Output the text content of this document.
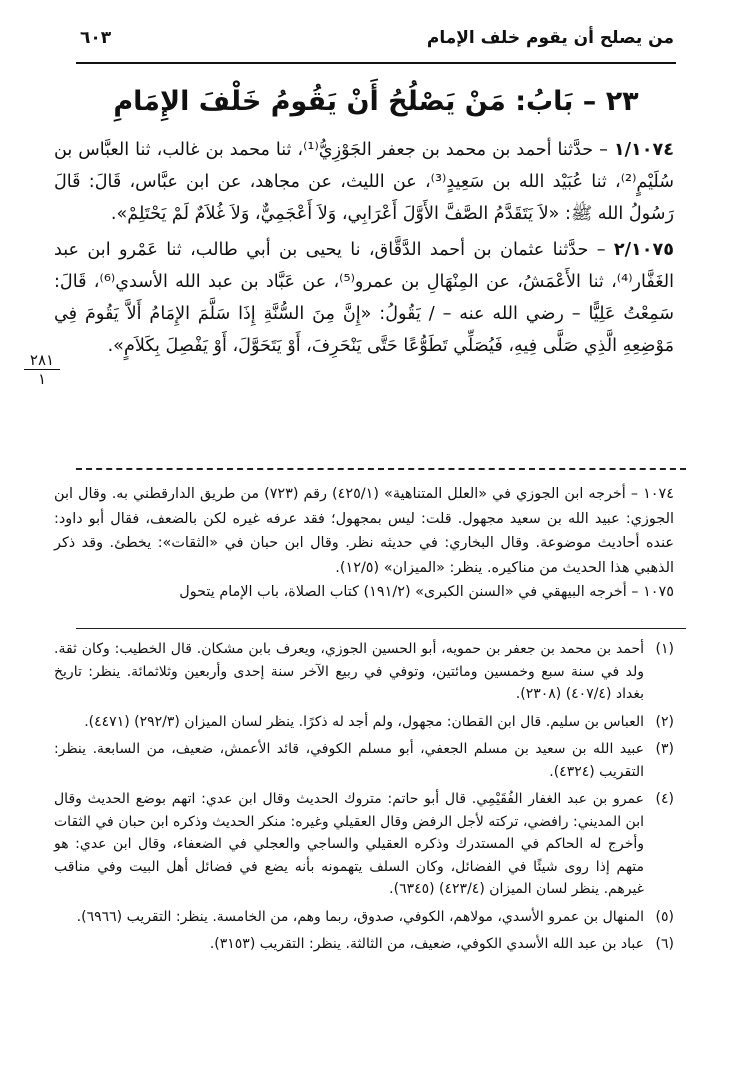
من يصلح أن يقوم خلف الإمام
٦٠٣
٢٣ – بَابُ: مَنْ يَصْلُحُ أَنْ يَقُومُ خَلْفَ الإِمَامِ

١/١٠٧٤ – حدَّثنا أحمد بن محمد بن جعفر الجَوْزِيُّ⁽¹⁾، ثنا محمد بن غالب، ثنا العبَّاس بن سُلَيْمٍ⁽²⁾، ثنا عُبَيْد الله بن سَعِيدٍ⁽³⁾، عن الليث، عن مجاهد، عن ابن عبَّاس، قَالَ: قَالَ رَسُولُ الله ﷺ: «لاَ يَتَقَدَّمُ الصَّفَّ الأَوَّلَ أَعْرَابِي، وَلاَ أَعْجَمِيٌّ، وَلاَ غُلاَمٌ لَمْ يَحْتَلِمْ».

٢/١٠٧٥ – حدَّثنا عثمان بن أحمد الدَّقَّاق، نا يحيى بن أبي طالب، ثنا عَمْرو ابن عبد الغَفَّار⁽⁴⁾، ثنا الأَعْمَشُ، عن المِنْهَالِ بن عمرو⁽⁵⁾، عن عَبَّاد بن عبد الله الأسدي⁽⁶⁾، قَالَ: سَمِعْتُ عَلِيًّا – رضي الله عنه – / يَقُولُ: «إِنَّ مِنَ السُّنَّةِ إِذَا سَلَّمَ الإِمَامُ أَلاَّ يَقُومَ فِي مَوْضِعِهِ الَّذِي صَلَّى فِيهِ، فَيُصَلِّي تَطَوُّعًا حَتَّى يَنْحَرِفَ، أَوْ يَتَحَوَّلَ، أَوْ يَفْصِلَ بِكَلاَمٍ».

٢٨١
١

١٠٧٤ – أخرجه ابن الجوزي في «العلل المتناهية» (٤٢٥/١) رقم (٧٢٣) من طريق الدارقطني به. وقال ابن الجوزي: عبيد الله بن سعيد مجهول. قلت: ليس بمجهول؛ فقد عرفه غيره لكن بالضعف، فقال أبو داود: عنده أحاديث موضوعة. وقال البخاري: في حديثه نظر. وقال ابن حبان في «الثقات»: يخطئ. وقد ذكر الذهبي هذا الحديث من مناكيره. ينظر: «الميزان» (١٢/٥).

١٠٧٥ – أخرجه البيهقي في «السنن الكبرى» (١٩١/٢) كتاب الصلاة، باب الإمام يتحول

(١)
أحمد بن محمد بن جعفر بن حمويه، أبو الحسين الجوزي، ويعرف بابن مشكان. قال الخطيب: وكان ثقة. ولد في سنة سبع وخمسين ومائتين، وتوفي في ربيع الآخر سنة إحدى وأربعين وثلاثمائة. ينظر: تاريخ بغداد (٤٠٧/٤) (٢٣٠٨).
(٢)
العباس بن سليم. قال ابن القطان: مجهول، ولم أجد له ذكرًا. ينظر لسان الميزان (٢٩٢/٣) (٤٤٧١).
(٣)
عبيد الله بن سعيد بن مسلم الجعفي، أبو مسلم الكوفي، قائد الأعمش، ضعيف، من السابعة. ينظر: التقريب (٤٣٢٤).
(٤)
عمرو بن عبد الغفار الفُقَيْمِي. قال أبو حاتم: متروك الحديث وقال ابن عدي: اتهم بوضع الحديث وقال ابن المديني: رافضي، تركته لأجل الرفض وقال العقيلي وغيره: منكر الحديث وذكره ابن حبان في الثقات وأخرج له الحاكم في المستدرك وذكره العقيلي والساجي والعجلي في الضعفاء، وقال ابن عدي: هو متهم إذا روى شيئًا في الفضائل، وكان السلف يتهمونه بأنه يضع في فضائل أهل البيت وفي مناقب غيرهم. ينظر لسان الميزان (٤٢٣/٤) (٦٣٤٥).
(٥)
المنهال بن عمرو الأسدي، مولاهم، الكوفي، صدوق، ربما وهم، من الخامسة. ينظر: التقريب (٦٩٦٦).
(٦)
عباد بن عبد الله الأسدي الكوفي، ضعيف، من الثالثة. ينظر: التقريب (٣١٥٣).
